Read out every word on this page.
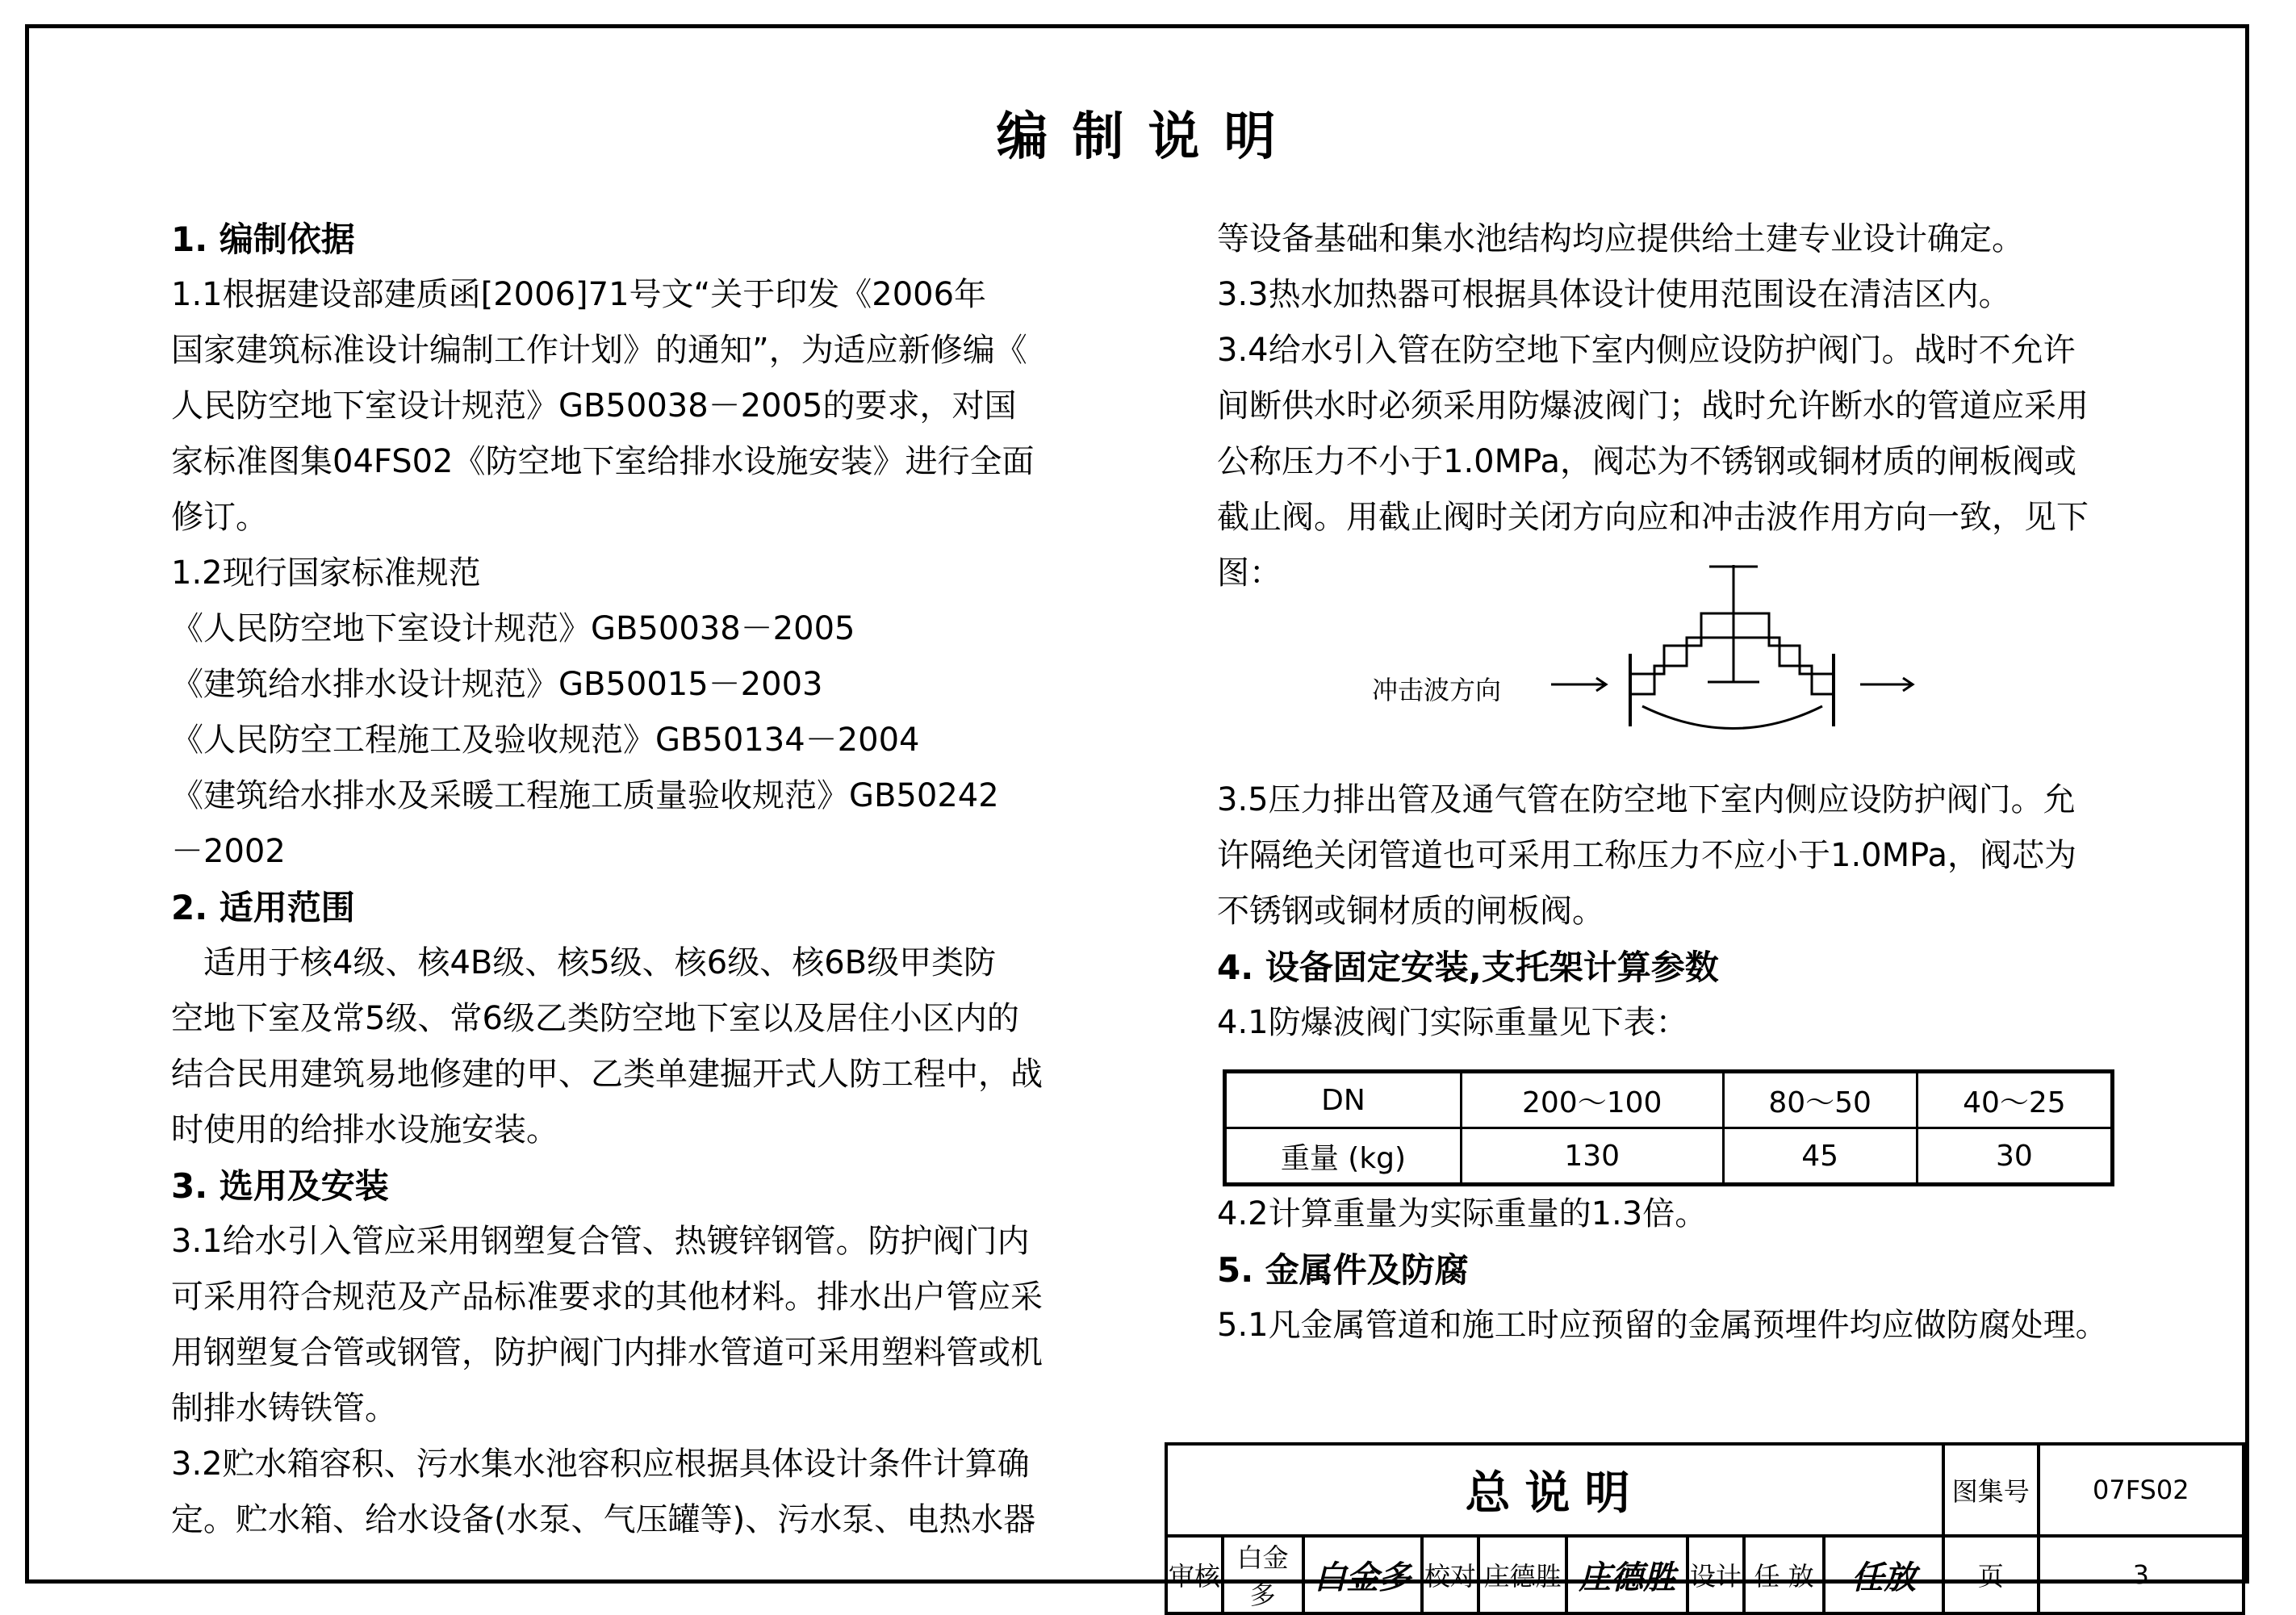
编制说明

1. 编制依据

1.1根据建设部建质函[2006]71号文“关于印发《2006年

国家建筑标准设计编制工作计划》的通知”，为适应新修编《

人民防空地下室设计规范》GB50038－2005的要求，对国

家标准图集04FS02《防空地下室给排水设施安装》进行全面

修订。

1.2现行国家标准规范

《人民防空地下室设计规范》GB50038－2005

《建筑给水排水设计规范》GB50015－2003

《人民防空工程施工及验收规范》GB50134－2004

《建筑给水排水及采暖工程施工质量验收规范》GB50242

－2002

2. 适用范围

　适用于核4级、核4B级、核5级、核6级、核6B级甲类防

空地下室及常5级、常6级乙类防空地下室以及居住小区内的

结合民用建筑易地修建的甲、乙类单建掘开式人防工程中，战

时使用的给排水设施安装。

3. 选用及安装

3.1给水引入管应采用钢塑复合管、热镀锌钢管。防护阀门内

可采用符合规范及产品标准要求的其他材料。排水出户管应采

用钢塑复合管或钢管，防护阀门内排水管道可采用塑料管或机

制排水铸铁管。

3.2贮水箱容积、污水集水池容积应根据具体设计条件计算确

定。贮水箱、给水设备(水泵、气压罐等)、污水泵、电热水器

等设备基础和集水池结构均应提供给土建专业设计确定。

3.3热水加热器可根据具体设计使用范围设在清洁区内。

3.4给水引入管在防空地下室内侧应设防护阀门。战时不允许

间断供水时必须采用防爆波阀门；战时允许断水的管道应采用

公称压力不小于1.0MPa，阀芯为不锈钢或铜材质的闸板阀或

截止阀。用截止阀时关闭方向应和冲击波作用方向一致，见下

图：

3.5压力排出管及通气管在防空地下室内侧应设防护阀门。允

许隔绝关闭管道也可采用工称压力不应小于1.0MPa，阀芯为

不锈钢或铜材质的闸板阀。

4. 设备固定安装,支托架计算参数

4.1防爆波阀门实际重量见下表：

4.2计算重量为实际重量的1.3倍。

5. 金属件及防腐

5.1凡金属管道和施工时应预留的金属预埋件均应做防腐处理。

冲击波方向
DN	200～100	80～50	40～25
重量 (kg)	130	45	30
总说明									图集号	07FS02
审核	白金多	白金多	校对	庄德胜	庄德胜	设计	任 放	任放	页	3
